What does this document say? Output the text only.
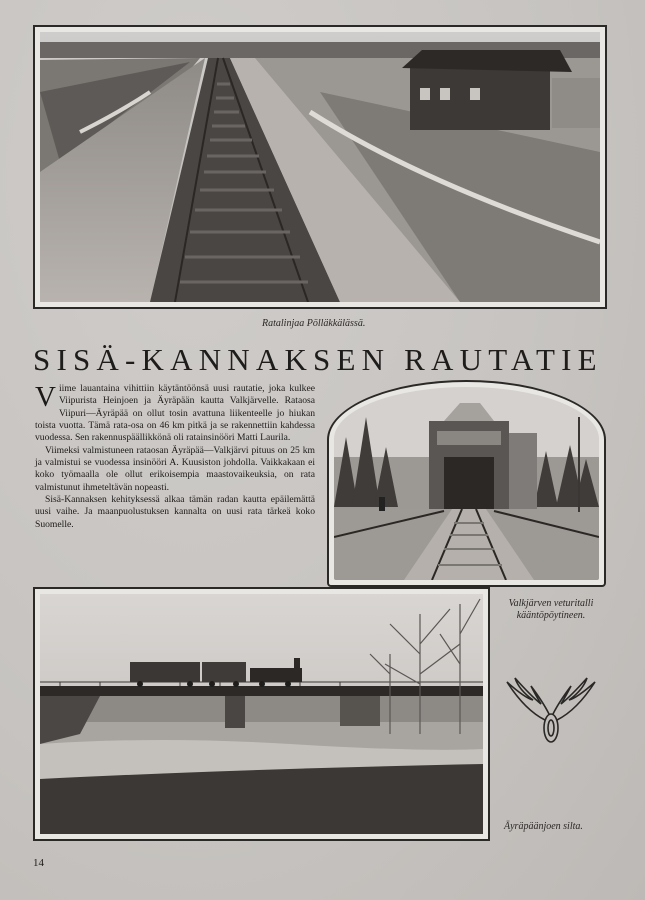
Ratalinjaa Pölläkkälässä.
SISÄ-KANNAKSEN RAUTATIE

Viime lauantaina vihittiin käytäntöönsä uusi rautatie, joka kulkee Viipurista Heinjoen ja Äyräpään kautta Valkjärvelle. Rataosa Viipuri—Äyräpää on ollut tosin avattuna liikenteelle jo hiukan toista vuotta. Tämä rata-osa on 46 km pitkä ja se rakennettiin kahdessa vuodessa. Sen rakennuspäällikkönä oli ratainsinööri Matti Laurila.

Viimeksi valmistuneen rataosan Äyräpää—Valkjärvi pituus on 25 km ja valmistui se vuodessa insinööri A. Kuusiston johdolla. Vaikkakaan ei koko työmaalla ole ollut erikoisempia maastovaikeuksia, on rata valmistunut ihmeteltävän nopeasti.

Sisä-Kannaksen kehityksessä alkaa tämän radan kautta epäilemättä uusi vaihe. Ja maanpuolustuksen kannalta on uusi rata tärkeä koko Suomelle.

Valkjärven veturitalli kääntöpöytineen.
Äyräpäänjoen silta.
14
